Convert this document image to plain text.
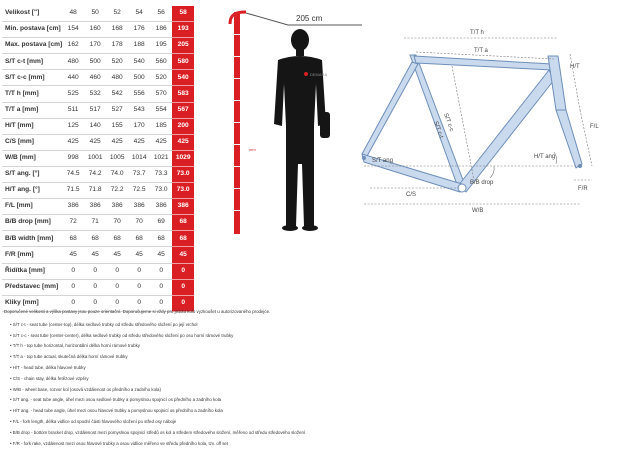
Velikost ["]	48	50	52	54	56	58
Min. postava [cm]	154	160	168	176	186	193
Max. postava [cm]	162	170	178	188	195	205
S/T c-t [mm]	480	500	520	540	560	580
S/T c-c [mm]	440	460	480	500	520	540
T/T h [mm]	525	532	542	556	570	583
T/T a [mm]	511	517	527	543	554	567
H/T [mm]	125	140	155	170	185	200
C/S [mm]	425	425	425	425	425	425
W/B [mm]	998	1001	1005	1014	1021	1029
S/T ang. [°]	74.5	74.2	74.0	73.7	73.3	73.0
H/T ang. [°]	71.5	71.8	72.2	72.5	73.0	73.0
F/L [mm]	386	386	386	386	386	386
B/B drop [mm]	72	71	70	70	69	68
B/B width [mm]	68	68	68	68	68	68
F/R [mm]	45	45	45	45	45	45
Řidítka [mm]	0	0	0	0	0	0
Představec [mm]	0	0	0	0	0	0
Kliky [mm]	0	0	0	0	0	0
DEMARA
205 cm
mm
T/T h
T/T a
H/T
F/L
S/T c-t
S/T c-c
S/T ang
H/T ang
C/S
B/B drop
W/B
F/R

Doporučené velikosti a výška postavy jsou pouze orientační. Doporučujeme si vždy pro jistotu kolo vyzkoušet u autorizovaného prodejce.

• S/T c-t - seat tube (center-top), délka sedlové trubky od středu středového složení po její vrchol
• S/T c-c - seat tube (center-center), délka sedlové trubky od středu středového složení po osu horní rámové trubky
• T/T h - top tube horizontal, horizontální délka horní rámové trubky
• T/T a - top tube actual, skutečná délka horní rámové trubky
• H/T - head tube, délka hlavové trubky
• C/S - chain stay, délka řetězové vzpěry
• W/B - wheel base, rozvor kol (osová vzdálenost os předního a zadního kola)
• S/T ang. - seat tube angle, úhel mezi osou sedlové trubky a pomyslnou spojnicí os předního a zadního kola
• H/T ang. - head tube angle, úhel mezi osou hlavové trubky a pomyslnou spojnicí os předního a zadního kola
• F/L - fork length, délka vidlice od spodní části hlavového složení po střed osy náboje
• B/B drop - bottom bracket drop, vzdálenost mezi pomyslnou spojnicí středů os kol a středem středového složení, měřeno od středu středového složení
• F/R - fork rake, vzdálenost mezi osou hlavové trubky a osou vidlice měřeno ve středu předního kola, tzv. off set
